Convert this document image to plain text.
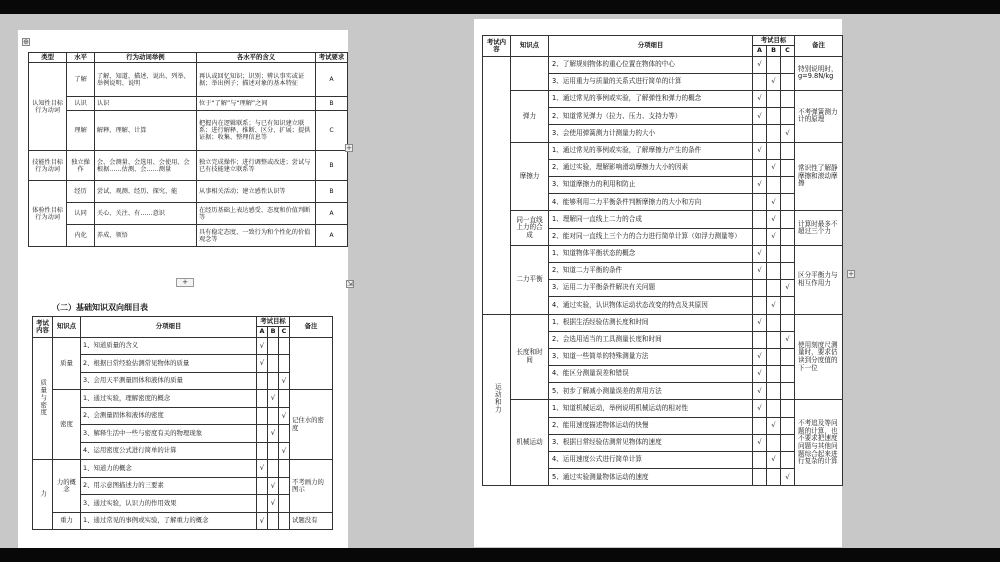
⊕
类型	水平	行为动词举例	各水平的含义	考试要求
认知性目标行为动词	了解	了解、知道、描述、说出、列举、举例说明、说明	再认或回忆知识；识别；辨认事实或证据；举出例子；描述对象的基本特征	A
	认识	认识	位于“了解”与“理解”之间	B
	理解	解释、理解、计算	把握内在逻辑联系；与已有知识建立联系；进行解释、推断、区分、扩展；提供证据；收集、整理信息等	C
技能性目标行为动词	独立操作	会、会测量、会选用、会使用、会根据……估测、会……测量	独立完成操作；进行调整或改进；尝试与已有技能建立联系等	B
体验性目标行为动词	经历	尝试、观测、经历、探究、能	从事相关活动；建立感性认识等	B
	认同	关心、关注、有……意识	在经历基础上表达感受、态度和价值判断等	A
	内化	养成、领悟	具有稳定态度、一致行为和个性化的价值观念等	A
+	⇲
（二）基础知识双向细目表
考试内容	知识点	分项细目	考试目标			备注
			A	B	C	
质量与密度	质量	1、知道质量的含义	√			
		2、根据日常经验估测常见物体的质量	√			
		3、会用天平测量固体和液体的质量			√	
	密度	1、通过实验，理解密度的概念		√		记住水的密度
		2、会测量固体和液体的密度			√	
		3、解释生活中一些与密度有关的物理现象		√		
		4、运用密度公式进行简单的计算			√	
力	力的概念	1、知道力的概念	√			不考画力的图示
		2、用示意图描述力的三要素		√		
		3、通过实验，认识力的作用效果		√		
	重力	1、通过常见的事例或实验，了解重力的概念	√			试题没有
+
考试内容	知识点	分项细目	考试目标			备注
			A	B	C	
		2、了解规则物体的重心位置在物体的中心	√			特别说明时，g=9.8N/kg
		3、运用重力与质量的关系式进行简单的计算		√		
	弹力	1、通过常见的事例或实验，了解弹性和弹力的概念	√			不考弹簧测力计的原理
		2、知道常见弹力（拉力、压力、支持力等）	√			
		3、会使用弹簧测力计测量力的大小			√	
	摩擦力	1、通过常见的事例或实验，了解摩擦力产生的条件	√			常识性了解静摩擦和滚动摩擦
		2、通过实验，理解影响滑动摩擦力大小的因素		√		
		3、知道摩擦力的利用和防止	√			
		4、能够利用二力平衡条件判断摩擦力的大小和方向		√		
	同一直线上力的合成	1、理解同一直线上二力的合成		√		计算时最多不超过三个力
		2、能对同一直线上三个力的合力进行简单计算（如浮力测量等）		√		
	二力平衡	1、知道物体平衡状态的概念	√			区分平衡力与相互作用力
		2、知道二力平衡的条件	√			
		3、运用二力平衡条件解决有关问题			√	
		4、通过实验，认识物体运动状态改变的特点及其原因		√		
运动和力	长度和时间	1、根据生活经验估测长度和时间	√			使用刻度尺测量时，要求估读到分度值的下一位
		2、会选用适当的工具测量长度和时间			√	
		3、知道一些简单的特殊测量方法	√			
		4、能区分测量误差和错误	√			
		5、初步了解减小测量误差的常用方法	√			
	机械运动	1、知道机械运动，举例说明机械运动的相对性	√			不考追及等问题的计算，也不要求把速度问题与其他问题综合起来进行复杂的计算
		2、能用速度描述物体运动的快慢		√		
		3、根据日常经验估测常见物体的速度	√			
		4、运用速度公式进行简单计算		√		
		5、通过实验测量物体运动的速度			√	
+
